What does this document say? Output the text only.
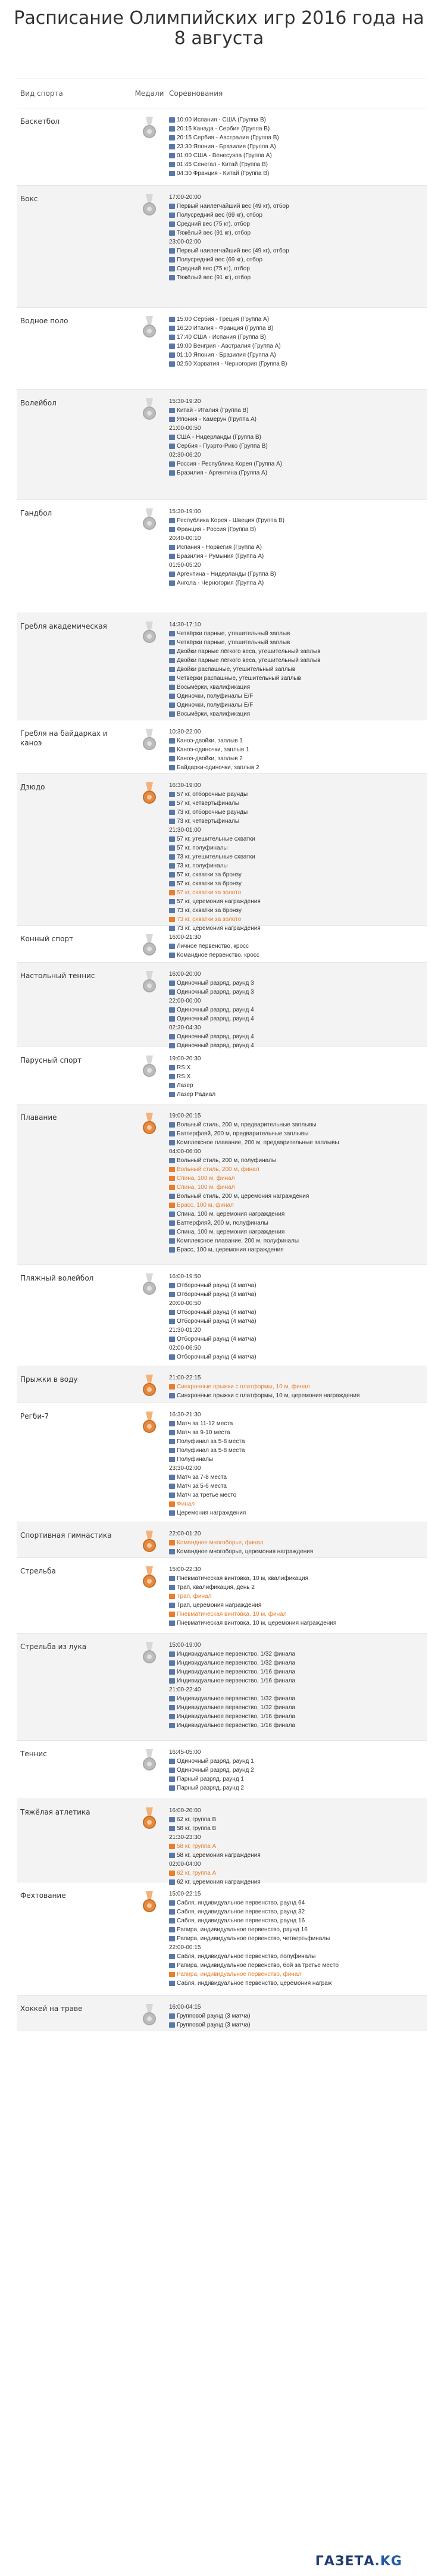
Расписание Олимпийских игр 2016 года на 8 августа
Вид спорта	Медали Соревнования
Баскетбол	10:00 Испания - США (Группа B)
20:15 Канада - Сербия (Группа B)
20:15 Сербия - Австралия (Группа B)
23:30 Япония - Бразилия (Группа A)
01:00 США - Венесуэла (Группа A)
01:45 Сенегал - Китай (Группа B)
04:30 Франция - Китай (Группа B)
Бокс	17:00-20:00
Первый наилегчайший вес (49 кг), отбор
Полусредний вес (69 кг), отбор
Средний вес (75 кг), отбор
Тяжёлый вес (91 кг), отбор
23:00-02:00
Первый наилегчайший вес (49 кг), отбор
Полусредний вес (69 кг), отбор
Средний вес (75 кг), отбор
Тяжёлый вес (91 кг), отбор
Водное поло	15:00 Сербия - Греция (Группа A)
16:20 Италия - Франция (Группа B)
17:40 США - Испания (Группа B)
19:00 Венгрия - Австралия (Группа A)
01:10 Япония - Бразилия (Группа A)
02:50 Хорватия - Черногория (Группа B)
Волейбол	15:30-19:20
Китай - Италия (Группа B)
Япония - Камерун (Группа A)
21:00-00:50
США - Нидерланды (Группа B)
Сербия - Пуэрто-Рико (Группа B)
02:30-06:20
Россия - Республика Корея (Группа A)
Бразилия - Аргентина (Группа A)
Гандбол	15:30-19:00
Республика Корея - Швеция (Группа B)
Франция - Россия (Группа B)
20:40-00:10
Испания - Норвегия (Группа A)
Бразилия - Румыния (Группа A)
01:50-05:20
Аргентина - Нидерланды (Группа B)
Ангола - Черногория (Группа A)
Гребля академическая	14:30-17:10
Четвёрки парные, утешительный заплыв
Четвёрки парные, утешительный заплыв
Двойки парные лёгкого веса, утешительный заплыв
Двойки парные лёгкого веса, утешительный заплыв
Двойки распашные, утешительный заплыв
Четвёрки распашные, утешительный заплыв
Восьмёрки, квалификация
Одиночки, полуфиналы E/F
Одиночки, полуфиналы E/F
Восьмёрки, квалификация
Гребля на байдарках и каноэ
10:30-22:00
Каноэ-двойки, заплыв 1
Каноэ-одиночки, заплыв 1
Каноэ-двойки, заплыв 2
Байдарки-одиночки, заплыв 2
Дзюдо	16:30-19:00
57 кг, отборочные раунды
57 кг, четвертьфиналы
73 кг, отборочные раунды
73 кг, четвертьфиналы
21:30-01:00
57 кг, утешительные схватки
57 кг, полуфиналы
73 кг, утешительные схватки
73 кг, полуфиналы
57 кг, схватки за бронзу
57 кг, схватки за бронзу
57 кг, схватки за золото
57 кг, церемония награждения
73 кг, схватки за бронзу
73 кг, схватки за золото
73 кг, церемония награждения
Конный спорт	16:00-21:30
Личное первенство, кросс
Командное первенство, кросс
Настольный теннис	16:00-20:00
Одиночный разряд, раунд 3
Одиночный разряд, раунд 3
22:00-00:00
Одиночный разряд, раунд 4
Одиночный разряд, раунд 4
02:30-04:30
Одиночный разряд, раунд 4
Одиночный разряд, раунд 4
Парусный спорт	19:00-20:30
RS:X
RS:X
Лазер
Лазер Радиал
Плавание	19:00-20:15
Вольный стиль, 200 м, предварительные заплывы
Баттерфляй, 200 м, предварительные заплывы
Комплексное плавание, 200 м, предварительные заплывы
04:00-06:00
Вольный стиль, 200 м, полуфиналы
Вольный стиль, 200 м, финал
Спина, 100 м, финал
Спина, 100 м, финал
Вольный стиль, 200 м, церемония награждения
Брасс, 100 м, финал
Спина, 100 м, церемония награждения
Баттерфляй, 200 м, полуфиналы
Спина, 100 м, церемония награждения
Комплексное плавание, 200 м, полуфиналы
Брасс, 100 м, церемония награждения
Пляжный волейбол	16:00-19:50
Отборочный раунд (4 матча)
Отборочный раунд (4 матча)
20:00-00:50
Отборочный раунд (4 матча)
Отборочный раунд (4 матча)
21:30-01:20
Отборочный раунд (4 матча)
02:00-06:50
Отборочный раунд (4 матча)
Прыжки в воду	21:00-22:15
Синхронные прыжки с платформы, 10 м, финал
Синхронные прыжки с платформы, 10 м, церемония награждения
Регби-7	16:30-21:30
Матч за 11-12 места
Матч за 9-10 места
Полуфинал за 5-8 места
Полуфинал за 5-8 места
Полуфиналы
23:30-02:00
Матч за 7-8 места
Матч за 5-6 места
Матч за третье место
Финал
Церемония награждения
Спортивная гимнастика	22:00-01:20
Командное многоборье, финал
Командное многоборье, церемония награждения
Стрельба	15:00-22:30
Пневматическая винтовка, 10 м, квалификация
Трап, квалификация, день 2
Трап, финал
Трап, церемония награждения
Пневматическая винтовка, 10 м, финал
Пневматическая винтовка, 10 м, церемония награждения
Стрельба из лука	15:00-19:00
Индивидуальное первенство, 1/32 финала
Индивидуальное первенство, 1/32 финала
Индивидуальное первенство, 1/16 финала
Индивидуальное первенство, 1/16 финала
21:00-22:40
Индивидуальное первенство, 1/32 финала
Индивидуальное первенство, 1/32 финала
Индивидуальное первенство, 1/16 финала
Индивидуальное первенство, 1/16 финала
Теннис	16:45-05:00
Одиночный разряд, раунд 1
Одиночный разряд, раунд 2
Парный разряд, раунд 1
Парный разряд, раунд 2
Тяжёлая атлетика	16:00-20:00
62 кг, группа B
58 кг, группа B
21:30-23:30
58 кг, группа A
58 кг, церемония награждения
02:00-04:00
62 кг, группа A
62 кг, церемония награждения
Фехтование	15:00-22:15
Сабля, индивидуальное первенство, раунд 64
Сабля, индивидуальное первенство, раунд 32
Сабля, индивидуальное первенство, раунд 16
Рапира, индивидуальное первенство, раунд 16
Рапира, индивидуальное первенство, четвертьфиналы
22:00-00:15
Сабля, индивидуальное первенство, полуфиналы
Рапира, индивидуальное первенство, бой за третье место
Рапира, индивидуальное первенство, финал
Сабля, индивидуальное первенство, церемония награж
Хоккей на траве	16:00-04:15
Групповой раунд (3 матча)
Групповой раунд (3 матча)
ГАЗЕТА.KG
